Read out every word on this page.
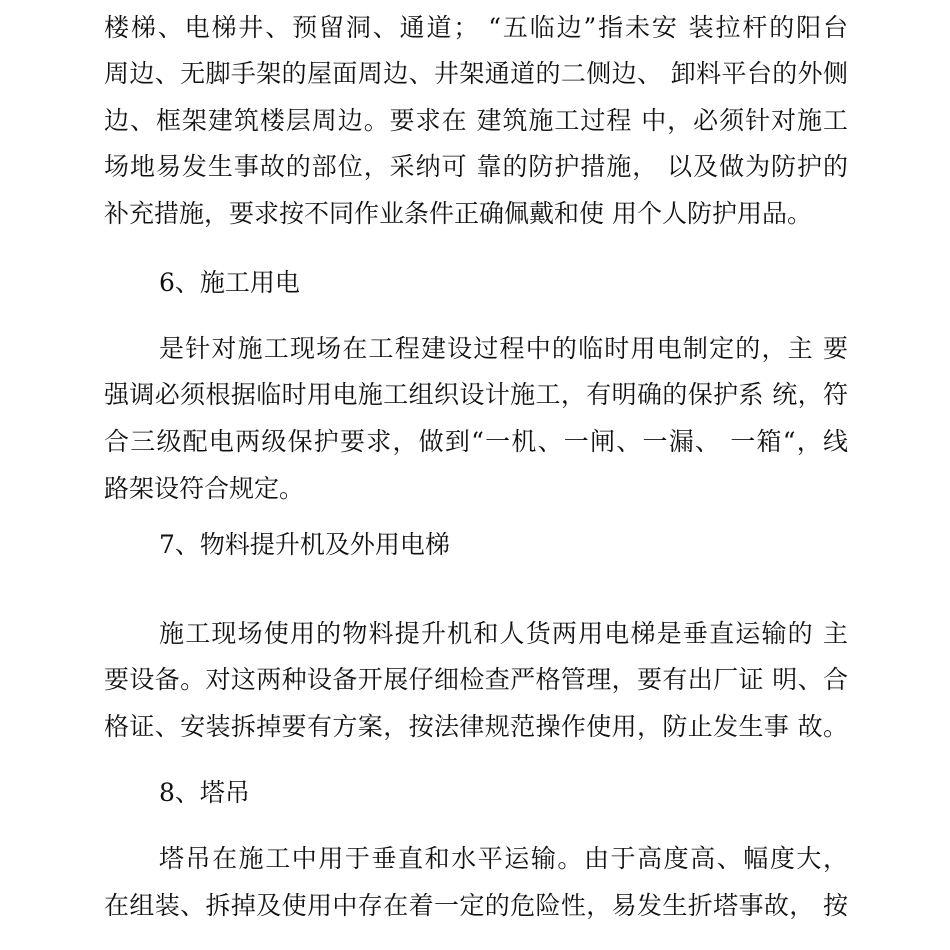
楼梯、电梯井、预留洞、通道； “五临边”指未安 装拉杆的阳台
周边、无脚手架的屋面周边、井架通道的二侧边、 卸料平台的外侧
边、框架建筑楼层周边。要求在 建筑施工过程 中，必须针对施工
场地易发生事故的部位，采纳可 靠的防护措施， 以及做为防护的
补充措施，要求按不同作业条件正确佩戴和使 用个人防护用品。
6、施工用电
是针对施工现场在工程建设过程中的临时用电制定的，主 要
强调必须根据临时用电施工组织设计施工，有明确的保护系 统，符
合三级配电两级保护要求，做到“一机、一闸、一漏、 一箱“，线
路架设符合规定。
7、物料提升机及外用电梯
施工现场使用的物料提升机和人货两用电梯是垂直运输的 主
要设备。对这两种设备开展仔细检查严格管理，要有出厂证 明、合
格证、安装拆掉要有方案，按法律规范操作使用，防止发生事 故。
8、塔吊
塔吊在施工中用于垂直和水平运输。由于高度高、幅度大，
在组装、拆掉及使用中存在着一定的危险性，易发生折塔事故， 按
